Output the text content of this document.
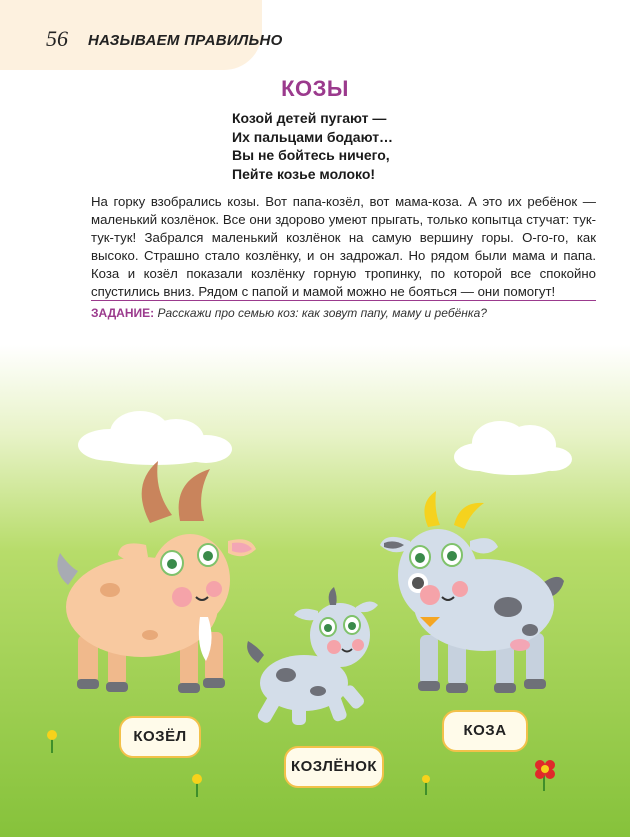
56 НАЗЫВАЕМ ПРАВИЛЬНО
КОЗЫ
Козой детей пугают —
Их пальцами бодают…
Вы не бойтесь ничего,
Пейте козье молоко!
На горку взобрались козы. Вот папа-козёл, вот мама-коза. А это их ребёнок — маленький козлёнок. Все они здорово умеют прыгать, только копытца стучат: тук-тук-тук! Забрался маленький козлёнок на самую вершину горы. О-го-го, как высоко. Страшно стало козлёнку, и он задрожал. Но рядом были мама и папа. Коза и козёл показали козлёнку горную тропинку, по которой все спокойно спустились вниз. Рядом с папой и мамой можно не бояться — они помогут!
ЗАДАНИЕ: Расскажи про семью коз: как зовут папу, маму и ребёнка?
КОЗЁЛ
КОЗЛЁНОК
КОЗА
